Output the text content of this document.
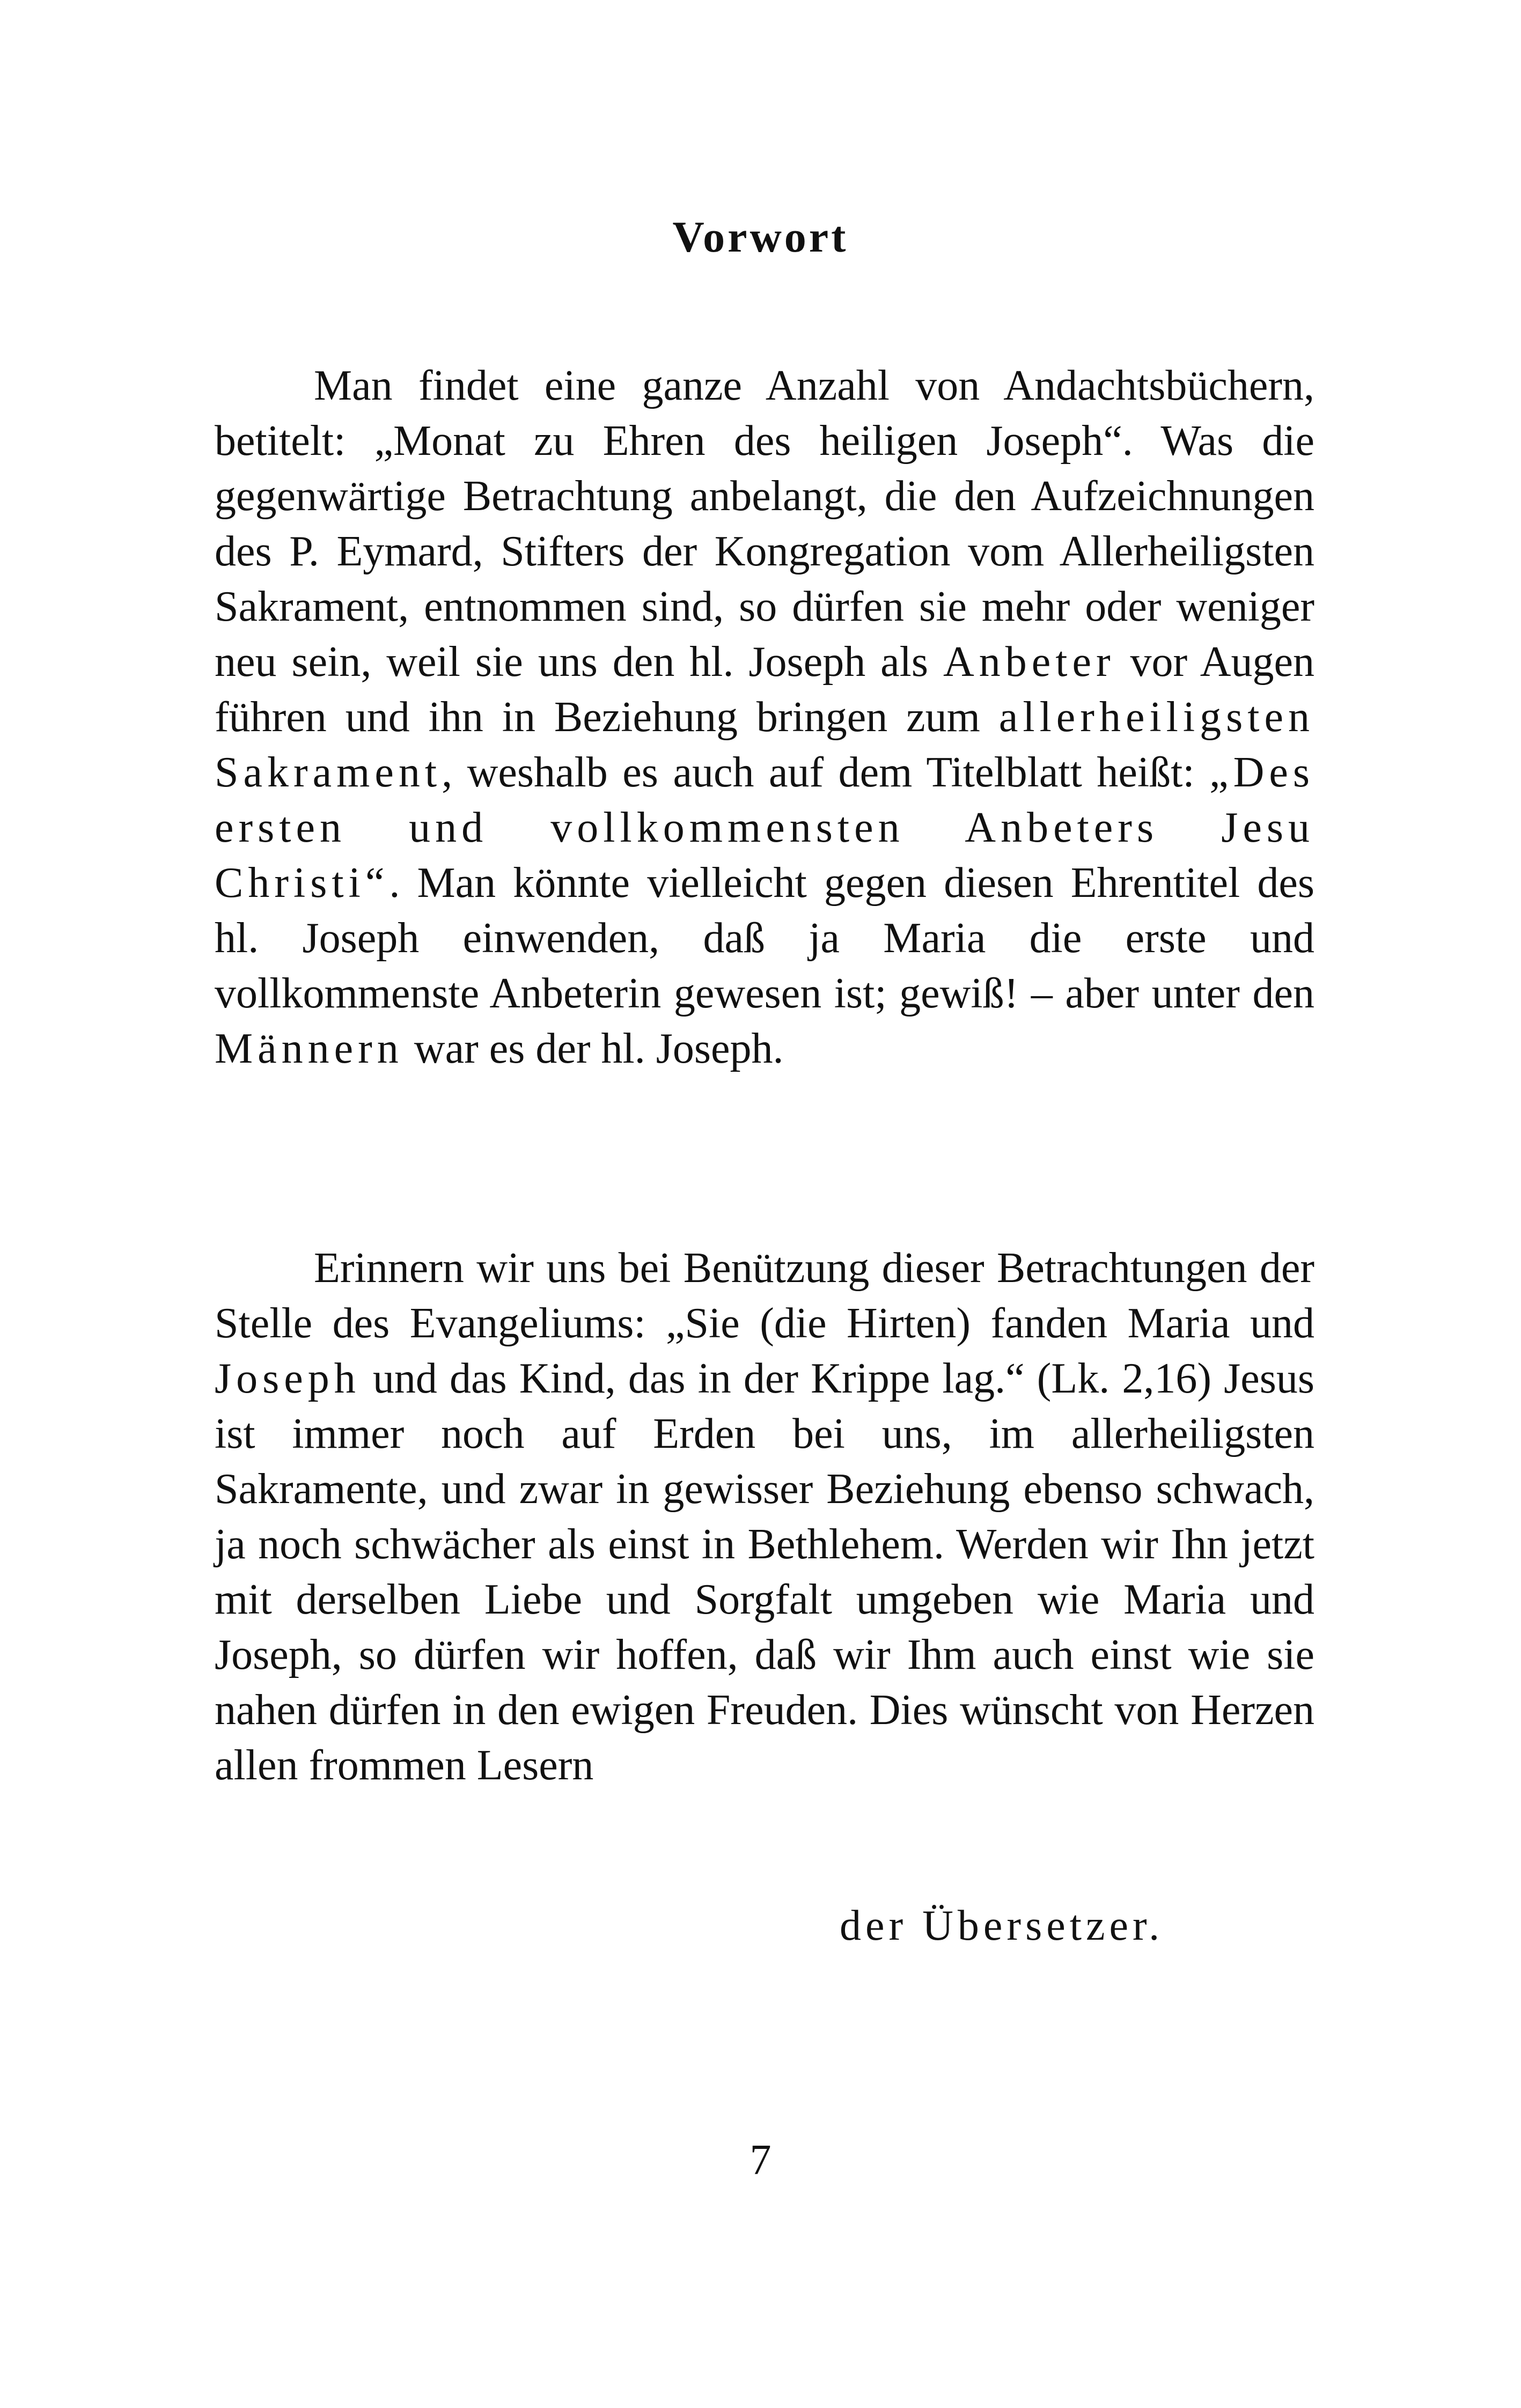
Vorwort

Man findet eine ganze Anzahl von Andachtsbüchern, betitelt: „Monat zu Ehren des heiligen Joseph“. Was die gegenwärtige Betrachtung anbelangt, die den Aufzeichnungen des P. Eymard, Stifters der Kongregation vom Allerheiligsten Sakrament, entnommen sind, so dürfen sie mehr oder weniger neu sein, weil sie uns den hl. Joseph als Anbeter vor Augen führen und ihn in Beziehung bringen zum allerheiligsten Sakrament, weshalb es auch auf dem Titelblatt heißt: „Des ersten und vollkommensten Anbeters Jesu Christi“. Man könnte vielleicht gegen diesen Ehrentitel des hl. Joseph einwenden, daß ja Maria die erste und vollkommenste Anbeterin gewesen ist; gewiß! – aber unter den Männern war es der hl. Joseph.

Erinnern wir uns bei Benützung dieser Betrachtungen der Stelle des Evangeliums: „Sie (die Hirten) fanden Maria und Joseph und das Kind, das in der Krippe lag.“ (Lk. 2,16) Jesus ist immer noch auf Erden bei uns, im allerheiligsten Sakramente, und zwar in gewisser Beziehung ebenso schwach, ja noch schwächer als einst in Bethlehem. Werden wir Ihn jetzt mit derselben Liebe und Sorgfalt umgeben wie Maria und Joseph, so dürfen wir hoffen, daß wir Ihm auch einst wie sie nahen dürfen in den ewigen Freuden. Dies wünscht von Herzen allen frommen Lesern

der Übersetzer.

7
